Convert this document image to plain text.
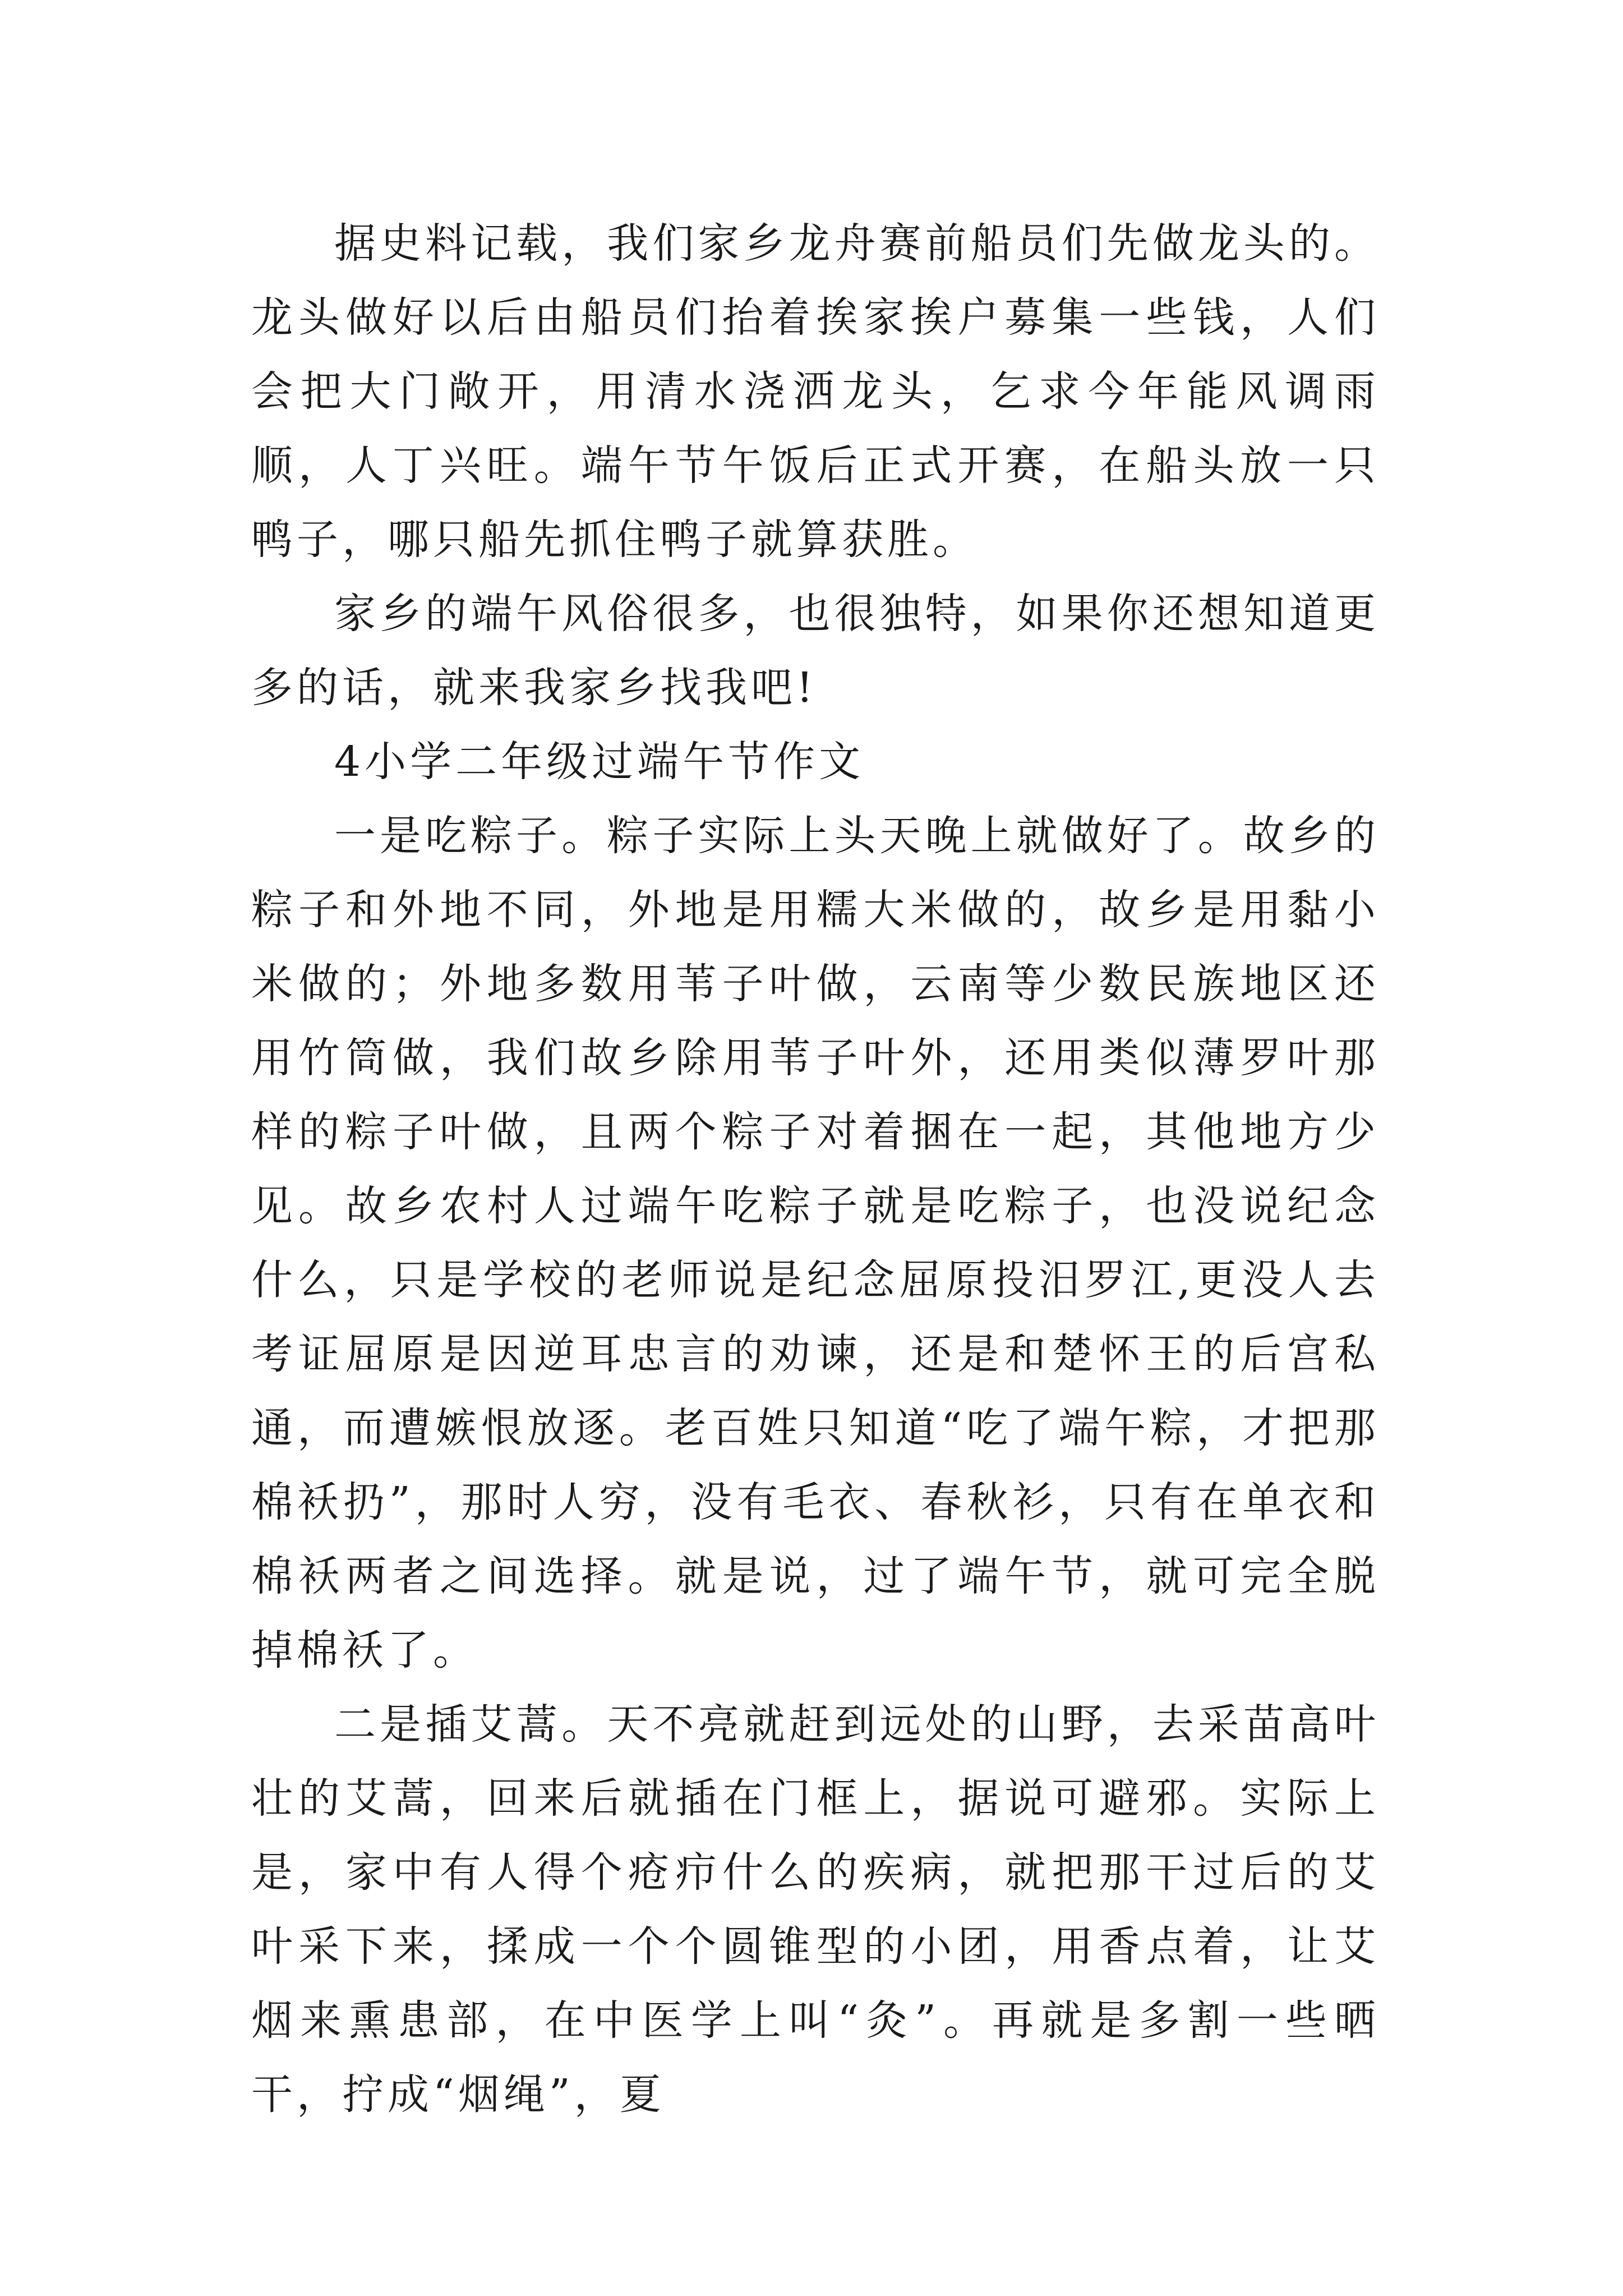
据史料记载，我们家乡龙舟赛前船员们先做龙头的。龙头做好以后由船员们抬着挨家挨户募集一些钱，人们会把大门敞开，用清水浇洒龙头，乞求今年能风调雨顺，人丁兴旺。端午节午饭后正式开赛，在船头放一只鸭子，哪只船先抓住鸭子就算获胜。

家乡的端午风俗很多，也很独特，如果你还想知道更多的话，就来我家乡找我吧!

4小学二年级过端午节作文

一是吃粽子。粽子实际上头天晚上就做好了。故乡的粽子和外地不同，外地是用糯大米做的，故乡是用黏小米做的；外地多数用苇子叶做，云南等少数民族地区还用竹筒做，我们故乡除用苇子叶外，还用类似薄罗叶那样的粽子叶做，且两个粽子对着捆在一起，其他地方少见。故乡农村人过端午吃粽子就是吃粽子，也没说纪念什么，只是学校的老师说是纪念屈原投汨罗江,更没人去考证屈原是因逆耳忠言的劝谏，还是和楚怀王的后宫私通，而遭嫉恨放逐。老百姓只知道“吃了端午粽，才把那棉袄扔”，那时人穷，没有毛衣、春秋衫，只有在单衣和棉袄两者之间选择。就是说，过了端午节，就可完全脱掉棉袄了。

二是插艾蒿。天不亮就赶到远处的山野，去采苗高叶壮的艾蒿，回来后就插在门框上，据说可避邪。实际上是，家中有人得个疮疖什么的疾病，就把那干过后的艾叶采下来，揉成一个个圆锥型的小团，用香点着，让艾烟来熏患部，在中医学上叫“灸”。再就是多割一些晒干，拧成“烟绳”，夏
